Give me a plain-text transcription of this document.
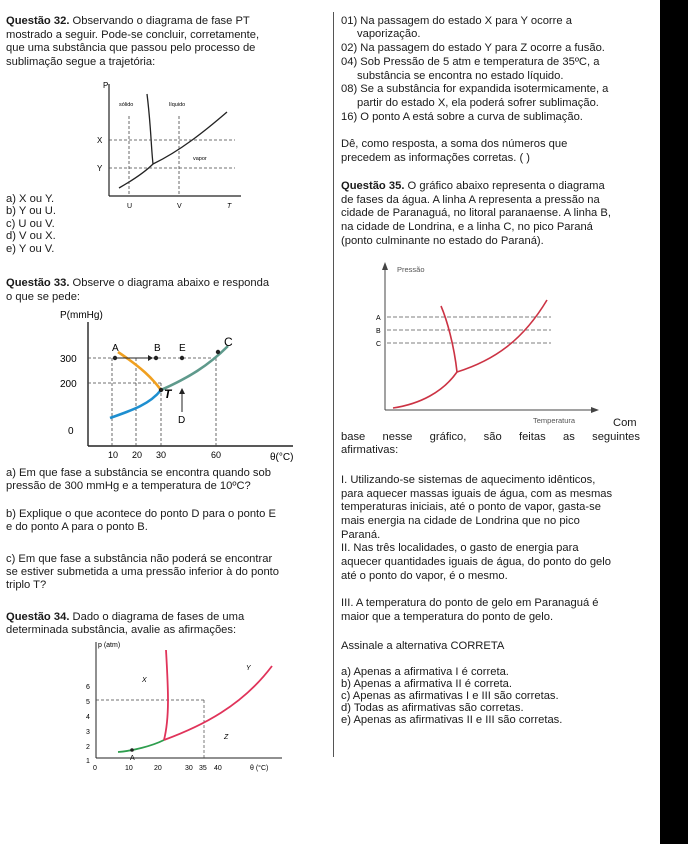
Questão 32. Observando o diagrama de fase PT
mostrado a seguir. Pode-se concluir, corretamente,
que uma substância que passou pelo processo de
sublimação segue a trajetória:
P
sólido	líquido
vapor
X
Y
U	V	T
a) X ou Y.
b) Y ou U.
c) U ou V.
d) V ou X.
e) Y ou V.
Questão 33. Observe o diagrama abaixo e responda
o que se pede:
P(mmHg)
300
200
0
10 20 30	60	θ(°C)
A	B E	C
T
D
a) Em que fase a substância se encontra quando sob
pressão de 300 mmHg e a temperatura de 10ºC?
b) Explique o que acontece do ponto D para o ponto E
e do ponto A para o ponto B.
c) Em que fase a substância não poderá se encontrar
se estiver submetida a uma pressão inferior à do ponto
triplo T?
Questão 34. Dado o diagrama de fases de uma
determinada substância, avalie as afirmações:
p (atm)
6
5
4
3
2
1
0	10	20	30 35 40	θ (°C)
A
X
Y
Z
01) Na passagem do estado X para Y ocorre a
vaporização.
02) Na passagem do estado Y para Z ocorre a fusão.
04) Sob Pressão de 5 atm e temperatura de 35ºC, a
substância se encontra no estado líquido.
08) Se a substância for expandida isotermicamente, a
partir do estado X, ela poderá sofrer sublimação.
16) O ponto A está sobre a curva de sublimação.
Dê, como resposta, a soma dos números que
precedem as informações corretas. ( )
Questão 35. O gráfico abaixo representa o diagrama
de fases da água. A linha A representa a pressão na
cidade de Paranaguá, no litoral paranaense. A linha B,
na cidade de Londrina, e a linha C, no pico Paraná
(ponto culminante no estado do Paraná).
Pressão
Temperatura
A
B
C
Com
base nesse gráfico, são feitas as seguintes
afirmativas:
I. Utilizando-se sistemas de aquecimento idênticos,
para aquecer massas iguais de água, com as mesmas
temperaturas iniciais, até o ponto de vapor, gasta-se
mais energia na cidade de Londrina que no pico
Paraná.
II. Nas três localidades, o gasto de energia para
aquecer quantidades iguais de água, do ponto do gelo
até o ponto do vapor, é o mesmo.
III. A temperatura do ponto de gelo em Paranaguá é
maior que a temperatura do ponto de gelo.
Assinale a alternativa CORRETA
a) Apenas a afirmativa I é correta.
b) Apenas a afirmativa II é correta.
c) Apenas as afirmativas I e III são corretas.
d) Todas as afirmativas são corretas.
e) Apenas as afirmativas II e III são corretas.
